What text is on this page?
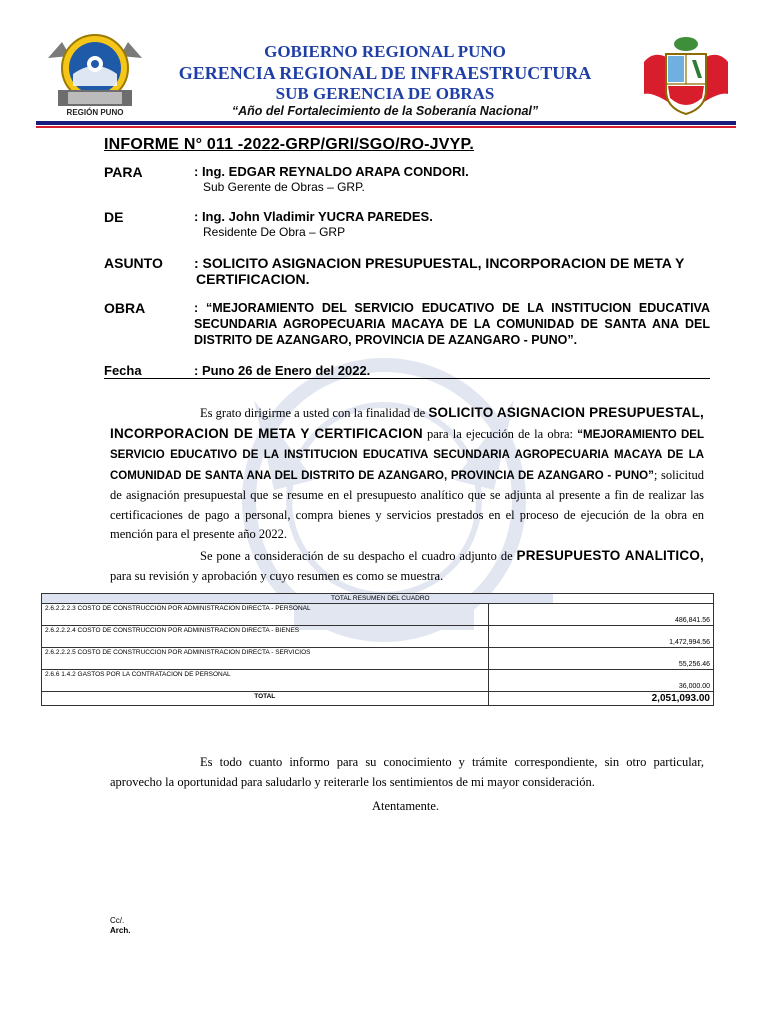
REGIÓN PUNO
GOBIERNO REGIONAL PUNO
GERENCIA REGIONAL DE INFRAESTRUCTURA
SUB GERENCIA DE OBRAS
“Año del Fortalecimiento de la Soberanía Nacional”
INFORME N° 011 -2022-GRP/GRI/SGO/RO-JVYP.
PARA	: Ing. EDGAR REYNALDO ARAPA CONDORI.
Sub Gerente de Obras – GRP.
DE	: Ing. John Vladimir YUCRA PAREDES.
Residente De Obra – GRP
ASUNTO : SOLICITO ASIGNACION PRESUPUESTAL, INCORPORACION DE META Y
CERTIFICACION.
OBRA	: “MEJORAMIENTO DEL SERVICIO EDUCATIVO DE LA INSTITUCION EDUCATIVA SECUNDARIA AGROPECUARIA MACAYA DE LA COMUNIDAD DE SANTA ANA DEL DISTRITO DE AZANGARO, PROVINCIA DE AZANGARO - PUNO”.
Fecha	: Puno 26 de Enero del 2022.
Es grato dirigirme a usted con la finalidad de SOLICITO ASIGNACION PRESUPUESTAL, INCORPORACION DE META Y CERTIFICACION para la ejecución de la obra: “MEJORAMIENTO DEL SERVICIO EDUCATIVO DE LA INSTITUCION EDUCATIVA SECUNDARIA AGROPECUARIA MACAYA DE LA COMUNIDAD DE SANTA ANA DEL DISTRITO DE AZANGARO, PROVINCIA DE AZANGARO - PUNO”; solicitud de asignación presupuestal que se resume en el presupuesto analítico que se adjunta al presente a fin de realizar las certificaciones de pago a personal, compra bienes y servicios prestados en el proceso de ejecución de la obra en mención para el presente año 2022.
Se pone a consideración de su despacho el cuadro adjunto de PRESUPUESTO ANALITICO, para su revisión y aprobación y cuyo resumen es como se muestra.
	TOTAL RESUMEN DEL CUADRO
2.6.2.2.2.3 COSTO DE CONSTRUCCION POR ADMINISTRACION DIRECTA - PERSONAL	486,841.56
2.6.2.2.2.4 COSTO DE CONSTRUCCION POR ADMINISTRACION DIRECTA - BIENES	1,472,994.56
2.6.2.2.2.5 COSTO DE CONSTRUCCION POR ADMINISTRACION DIRECTA - SERVICIOS	55,256.46
2.6.6 1.4.2 GASTOS POR LA CONTRATACION DE PERSONAL	36,000.00
TOTAL	2,051,093.00
Es todo cuanto informo para su conocimiento y trámite correspondiente, sin otro particular, aprovecho la oportunidad para saludarlo y reiterarle los sentimientos de mi mayor consideración.
Atentamente.
Cc/.
Arch.
